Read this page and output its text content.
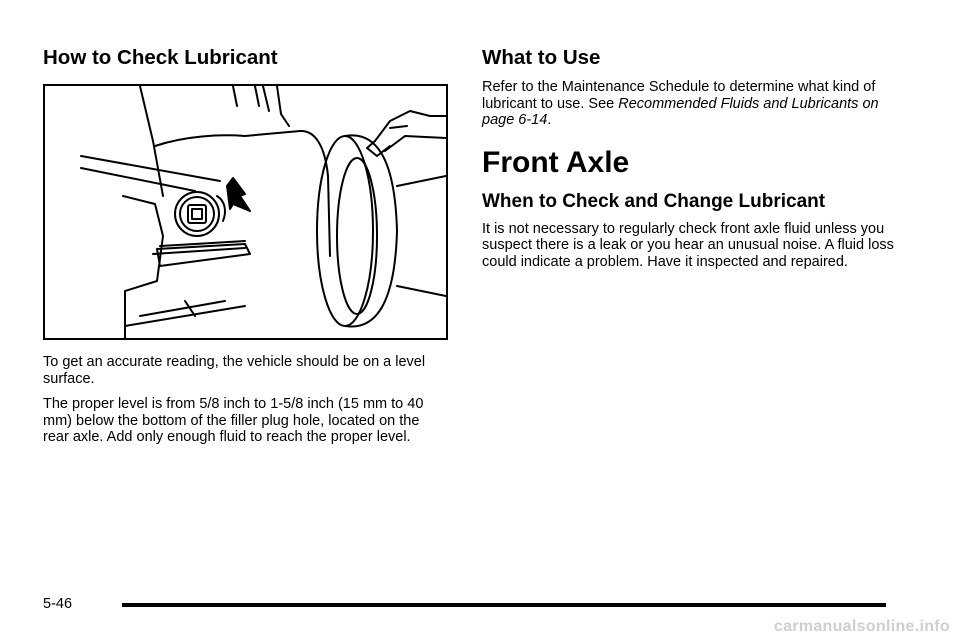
How to Check Lubricant

To get an accurate reading, the vehicle should be on a level surface.

The proper level is from 5/8 inch to 1-5/8 inch (15 mm to 40 mm) below the bottom of the filler plug hole, located on the rear axle. Add only enough fluid to reach the proper level.

What to Use

Refer to the Maintenance Schedule to determine what kind of lubricant to use. See Recommended Fluids and Lubricants on page 6-14.

Front Axle
When to Check and Change Lubricant

It is not necessary to regularly check front axle fluid unless you suspect there is a leak or you hear an unusual noise. A fluid loss could indicate a problem. Have it inspected and repaired.

5-46
carmanualsonline.info
